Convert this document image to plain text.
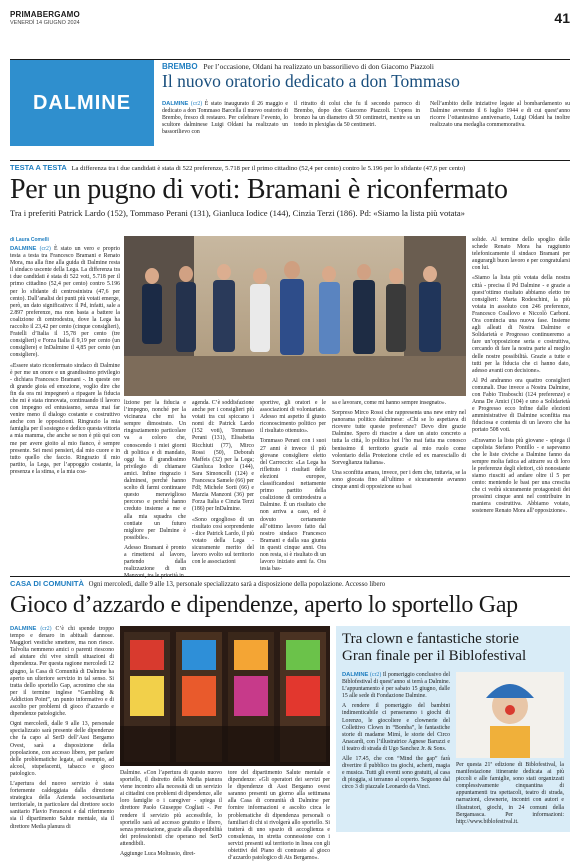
PRIMABERGAMO
VENERDÌ 14 GIUGNO 2024	41
DALMINE
BREMBO Per l’occasione, Oldani ha realizzato un bassorilievo di don Giacomo Piazzoli
Il nuovo oratorio dedicato a don Tommaso
DALMINE (cr2) È stato inaugurato il 26 maggio e dedicato a don Tommaso Barcella il nuovo oratorio di Brembo, fresco di restauro. Per celebrare l’evento, lo scultore dalminese Luigi Oldani ha realizzato un bassorilievo con
il ritratto di colui che fu il secondo parroco di Brembo, dopo don Giacomo Piazzoli. L’opera in bronzo ha un diametro di 50 centimetri, mentre su un tondo in plexiglas da 50 centimetri.
Nell’ambito delle iniziative legate al bombardamento su Dalmine avvenuto il 6 luglio 1944 e di cui quest’anno ricorre l’ottantesimo anniversario, Luigi Oldani ha inoltre realizzato una medaglia commemorativa.
TESTA A TESTA La differenza tra i due candidati è stata di 522 preferenze, 5.718 per il primo cittadino (52,4 per cento) contro le 5.196 per lo sfidante (47,6 per cento)
Per un pugno di voti: Bramani è riconfermato
Tra i preferiti Patrick Lardo (152), Tommaso Perani (131), Gianluca Iodice (144), Cinzia Terzi (186). Pd: «Siamo la lista più votata»
di Laura Comelli
DALMINE (cr2) È stato un vero e proprio testa a testa tra Francesco Bramani e Renato Mora, ma alla fine alla guida di Dalmine resta il sindaco uscente della Lega. La differenza tra i due candidati è stata di 522 voti, 5.718 per il primo cittadino (52,4 per cento) contro 5.196 per lo sfidante di centrosinistra (47,6 per cento). Dall’analisi dei punti più votati emerge, però, un dato significativo: il Pd, infatti, sale a 2.897 preferenze, ma non basta a battere la coalizione di centrodestra, dove la Lega ha raccolto il 23,42 per cento (cinque consiglieri), Fratelli d’Italia il 15,78 per cento (tre consiglieri) e Forza Italia il 9,19 per cento (un consigliere) e InDalmine il 4,85 per cento (un consigliere).
«Essere stato riconfermato sindaco di Dalmine è per me un onore e un grandissimo privilegio - dichiara Francesco Bramani -. In queste ore di grande gioia ed emozione, voglio dire che fin da ora mi impegnerò a ripagare la fiducia che mi è stata rinnovata, continuando il lavoro con impegno ed entusiasmo, senza mai far venire meno il dialogo costante e costruttivo anche con le opposizioni. Ringrazio la mia famiglia per il sostegno e dedico questa vittoria a mia mamma, che anche se non è più qui con me per avere gioito al mio fianco, è sempre presente. Sei mesi pensieri, dal mio cuore e in tutto quello che faccio. Ringrazio il mio partito, la Lega, per l’appoggio costante, la presenza e la stima, e la mia coa-
lizione per la fiducia e l’impegno, nonché per la vicinanza che mi ha sempre dimostrato. Un ringraziamento particolare va a coloro che, conoscendo i miei giorni di politica e di mandato, oggi ha il grandissimo privilegio di chiamare amici. Infine ringrazio i dalminesi, perché hanno scelto di farmi continuare questo meraviglioso percorso e perché hanno creduto insieme a me e alla mia squadra che contiate un futuro migliore per Dalmine è possibile».
Adesso Bramani è pronto a rimettersi al lavoro, partendo dalla realizzazione di un
agenda. C’è soddisfazione anche per i consiglieri più votati tra cui spiccano i nomi di: Patrick Lardo (152 voti), Tommaso Perani (131), Elisabetta Ricchiuti (77), Mirco Rossi (50), Deborah Maffeis (32) per la Lega; Gianluca Iodice (144), Sara Simoncelli (124) e Francesca Samele (66) per FdI; Michele Sorti (66) e Marzia Manzoni (36) per Forza Italia e Cinzia Terzi (186) per InDalmine.
«Sono orgoglioso di un risultato così sorprendente - dice Patrick Lardo, il più votato della Lega - sicuramente merito del lavoro svolto sul territorio con le associazioni
sportive, gli oratori e le associazioni di volontariato. Adesso mi aspetto il giusto riconoscimento politico per il risultato ottenuto».
Tommaso Perani con i suoi 27 anni è invece il più giovane consigliere eletto del Carroccio: «La Lega ha riflettuto i risultati delle elezioni europee, classificandosi nettamente primo partito della coalizione di centrodestra a Dalmine. È un risultato che non arriva a caso, ed è dovuto certamente all’ottimo lavoro fatto dal nostro sindaco Francesco Bramani e dalla sua giunta in questi cinque anni. Ora non resta, si è risultato di un lavoro iniziato anni fa. Ora tesia bas-
sa e lavorare, come mi hanno sempre insegnato».
Sorpreso Mirco Rossi che rappresenta una new entry nel panorama politico dalminese: «Chi se lo aspettava di ricevere tutte queste preferenze? Devo dire grazie Dalmine. Spero di riuscire a dare un aiuto concreto a tutta la città, lo politica hoi l’ho mai fatta ma conosco benissimo il territorio grazie al mio ruolo come volontario della Protezione civile ed ex maresciallo di Sorveglianza italiana».
Una sconfitta amara, invece, per i dem che, tuttavia, se la sono giocata fino all’ultimo e sicuramente avranno cinque anni di opposizione su basi
solide. Al termine dello spoglio delle schede Renato Mora ha raggiunto telefonicamente il sindaco Bramani per augurargli buon lavoro e per congratularsi con lui.
«Siamo la lista più votata della nostra città - precisa il Pd Dalmine - e grazie a quest’ottimo risultato abbiamo eletto tre consiglieri: Marta Rodeschini, la più votata in assoluto con 246 preferenze, Francesco Coallovo e Niccolò Carboni. Ora comincia una nuova fase. Insieme agli alleati di Nostra Dalmine e Solidarietà e Progresso continueremo a fare un’opposizione seria e costruttiva, cercando di fare la nostra parte al meglio delle nostre possibilità. Grazie a tutte e tutti per la fiducia che ci hanno dato, adesso avanti con decisione».
Al Pd andranno ora quattro consiglieri comunali. Due invece a Nostra Dalmine, con Fabio Tiraboschi (124 preferenze) e Anna De Amici (104) e uno a Solidarietà e Progresso ecco Infine dalle elezioni amministrative di Dalmine sconfitta ma fiduciosa e contenta di un lavoro che ha portato 508 voti.
«Eravamo la lista più giovane - spiega il capolista Stefano Pontillo - e sapevamo che le liste civiche a Dalmine fanno da sempre molta fatica ad attrarre su di loro le preferenze degli elettori, ciò nonostante siamo riusciti ad andare oltre il 5 per cento: mentendo le basi per una crescita che ci vedrà sicuramente protagonisti dei prossimi cinque anni nel contribuire in maniera costruttiva. Abbiamo votato, sostenere Renato Mora all’opposizione».
CASA DI COMUNITÀ Ogni mercoledì, dalle 9 alle 13, personale specializzato sarà a disposizione della popolazione. Accesso libero
Gioco d’azzardo e dipendenze, aperto lo sportello Gap
DALMINE (cr2) C’è chi spende troppo tempo e denaro in abituali dannose. Maggiori vestiche smettere, ma non riesce. Talvolta nemmeno amici o parenti riescono ad aiutare chi vive simili situazioni di dipendenza. Per questa ragione mercoledì 12 giugno, la Casa di Comunità di Dalmine ha aperto un ulteriore servizio in tal senso. Si tratta dello sportello Gap, acronimo che sta per il termine inglese “Gambling & Addiction Point”, un punto informativo e di ascolto per problemi di gioco d’azzardo e dipendenze patologiche.
Ogni mercoledì, dalle 9 alle 13, personale specializzato sarà presente delle dipendenze che fa capo al SerD dell’Asst Bergamo Ovest, sarà a disposizione della popolazione, con accesso libero, per parlare delle problematiche legate, ad esempio, ad alcool, stupefacenti, tabacco e gioco patologico.
L’apertura del nuovo servizio è stata fortemente caldeggiata dalla direzione strategica della Azienda sociosanitaria territoriale, in particolare dal direttore socio sanitario Flavio Ferancesi e dal riferimento sia il dipartimento Salute mentale, sia il direttore Media planura di
Dalmine. «Con l’apertura di questo nuovo sportello, il distretto della Media pianura viene incontro alla necessità di un servizio ai cittadini con problemi di dipendenze, alle loro famiglie o i caregiver - spiega il direttore Paolo Giuseppe Cogliati -. Per rendere il servizio più accessibile, lo sportello sarà ad accesso gratuito e libero, senza prenotazione, grazie alla disponibilità dei professionisti che operano nel SerD attendibili.
Aggiunge Luca Moltrasio, diret-
tore del dipartimento Salute mentale e dipendenze: «Gli operatori dei servizi per le dipendenze di Asst Bergamo ovest saranno presenti un giorno alla settimana alla Casa di comunità di Dalmine per fornire informazioni e ascolto circa le problematiche di dipendenza personali o familiari di chi si rivolgerà allo sportello. Si tratterà di uno spazio di accoglienza e consulenza, in stretta connessione con i servizi presenti sul territorio in linea con gli obiettivi del Piano di contrasto al gioco d’azzardo patologico di Ats Bergamo».
Tra clown e fantastiche storie
Gran finale per il Biblofestival
DALMINE (cr2) Il pomeriggio conclusivo del Biblofestival di quest’anno si terrà a Dalmine. L’appuntamento è per sabato 15 giugno, dalle 15 alle sede di Fondazione Dalmine.
A rendere il pomeriggio del bambini indimenticabile ci penseranno i giochi di Lorenzo, le giocoliere e clownerie del Collettivo Clown in “Bomba”, le fantastiche storie di madame Mimì, le storie del Circo Anacardi, con l’illustratrice Agnese Baruzzi e il teatro di strada di Ugo Sanchez Jr. & Sons.
Alle 17.45, che con “Mind the gap” farà divertire il pubblico tra giochi, acherti, magia e musica. Tutti gli eventi sono gratuiti, al casa di pioggia, si terranno al coperto. Seguono dal circo 3 di piazzale Leonardo da Vinci.
Per questa 21ª edizione di Biblofestival, la manifestazione itinerante dedicata ai più piccoli e alle famiglie, sono stati organizzati complessivamente cinquantina di appuntamenti tra spettacoli, teatro di strada, narrazioni, clownerie, incontri con autori e illustratori, giochi, in 24 comuni della Bergamasca. Per informazioni: http://www.biblofestival.it.
